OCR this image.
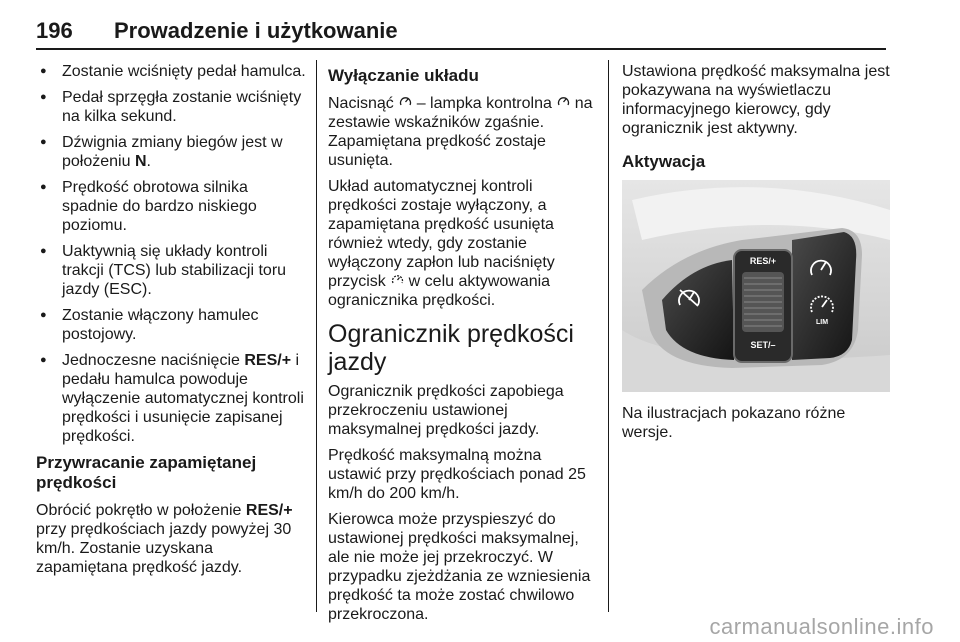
196 Prowadzenie i użytkowanie
● Zostanie wciśnięty pedał hamulca.
● Pedał sprzęgła zostanie wciśnięty na kilka sekund.
● Dźwignia zmiany biegów jest w położeniu N.
● Prędkość obrotowa silnika spadnie do bardzo niskiego poziomu.
● Uaktywnią się układy kontroli trakcji (TCS) lub stabilizacji toru jazdy (ESC).
● Zostanie włączony hamulec postojowy.
● Jednoczesne naciśnięcie RES/+ i pedału hamulca powoduje wyłączenie automatycznej kontroli prędkości i usunięcie zapisanej prędkości.
Przywracanie zapamiętanej prędkości

Obrócić pokrętło w położenie RES/+ przy prędkościach jazdy powyżej 30 km/h. Zostanie uzyskana zapamiętana prędkość jazdy.

Wyłączanie układu

Nacisnąć  – lampka kontrolna  na zestawie wskaźników zgaśnie. Zapamiętana prędkość zostaje usunięta.

Układ automatycznej kontroli prędkości zostaje wyłączony, a zapamiętana prędkość usunięta również wtedy, gdy zostanie wyłączony zapłon lub naciśnięty przycisk  w celu aktywowania ogranicznika prędkości.

Ogranicznik prędkości jazdy

Ogranicznik prędkości zapobiega przekroczeniu ustawionej maksymalnej prędkości jazdy.

Prędkość maksymalną można ustawić przy prędkościach ponad 25 km/h do 200 km/h.

Kierowca może przyspieszyć do ustawionej prędkości maksymalnej, ale nie może jej przekroczyć. W przypadku zjeżdżania ze wzniesienia prędkość ta może zostać chwilowo przekroczona.

Ustawiona prędkość maksymalna jest pokazywana na wyświetlaczu informacyjnego kierowcy, gdy ogranicznik jest aktywny.

Aktywacja
RES/+
SET/–
LIM

Na ilustracjach pokazano różne wersje.

carmanualsonline.info
